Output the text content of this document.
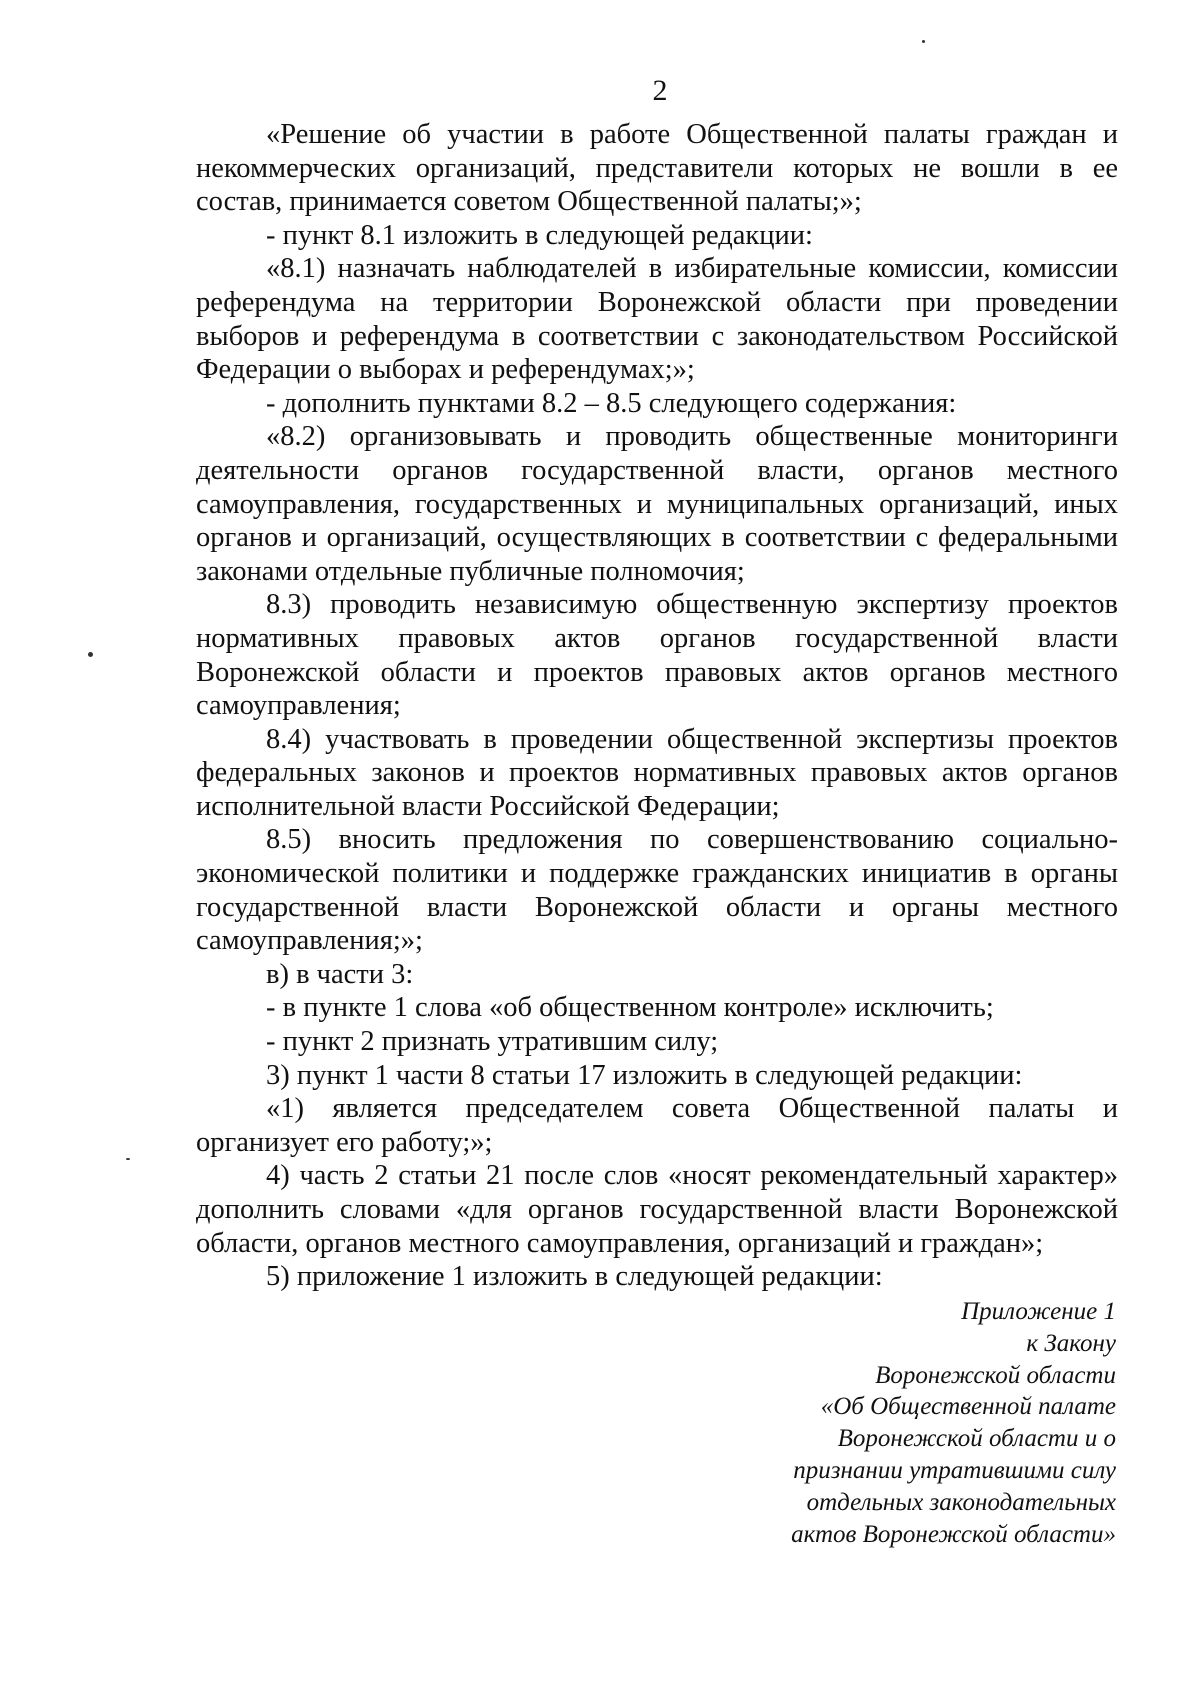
2

«Решение об участии в работе Общественной палаты граждан и некоммерческих организаций, представители которых не вошли в ее состав, принимается советом Общественной палаты;»;

- пункт 8.1 изложить в следующей редакции:

«8.1) назначать наблюдателей в избирательные комиссии, комиссии референдума на территории Воронежской области при проведении выборов и референдума в соответствии с законодательством Российской Федерации о выборах и референдумах;»;

- дополнить пунктами 8.2 – 8.5 следующего содержания:

«8.2) организовывать и проводить общественные мониторинги деятельности органов государственной власти, органов местного самоуправления, государственных и муниципальных организаций, иных органов и организаций, осуществляющих в соответствии с федеральными законами отдельные публичные полномочия;

8.3) проводить независимую общественную экспертизу проектов нормативных правовых актов органов государственной власти Воронежской области и проектов правовых актов органов местного самоуправления;

8.4) участвовать в проведении общественной экспертизы проектов федеральных законов и проектов нормативных правовых актов органов исполнительной власти Российской Федерации;

8.5) вносить предложения по совершенствованию социально-экономической политики и поддержке гражданских инициатив в органы государственной власти Воронежской области и органы местного самоуправления;»;

в) в части 3:

- в пункте 1 слова «об общественном контроле» исключить;

- пункт 2 признать утратившим силу;

3) пункт 1 части 8 статьи 17 изложить в следующей редакции:

«1) является председателем совета Общественной палаты и организует его работу;»;

4) часть 2 статьи 21 после слов «носят рекомендательный характер» дополнить словами «для органов государственной власти Воронежской области, органов местного самоуправления, организаций и граждан»;

5) приложение 1 изложить в следующей редакции:

Приложение 1
к Закону
Воронежской области
«Об Общественной палате
Воронежской области и о
признании утратившими силу
отдельных законодательных
актов Воронежской области»
